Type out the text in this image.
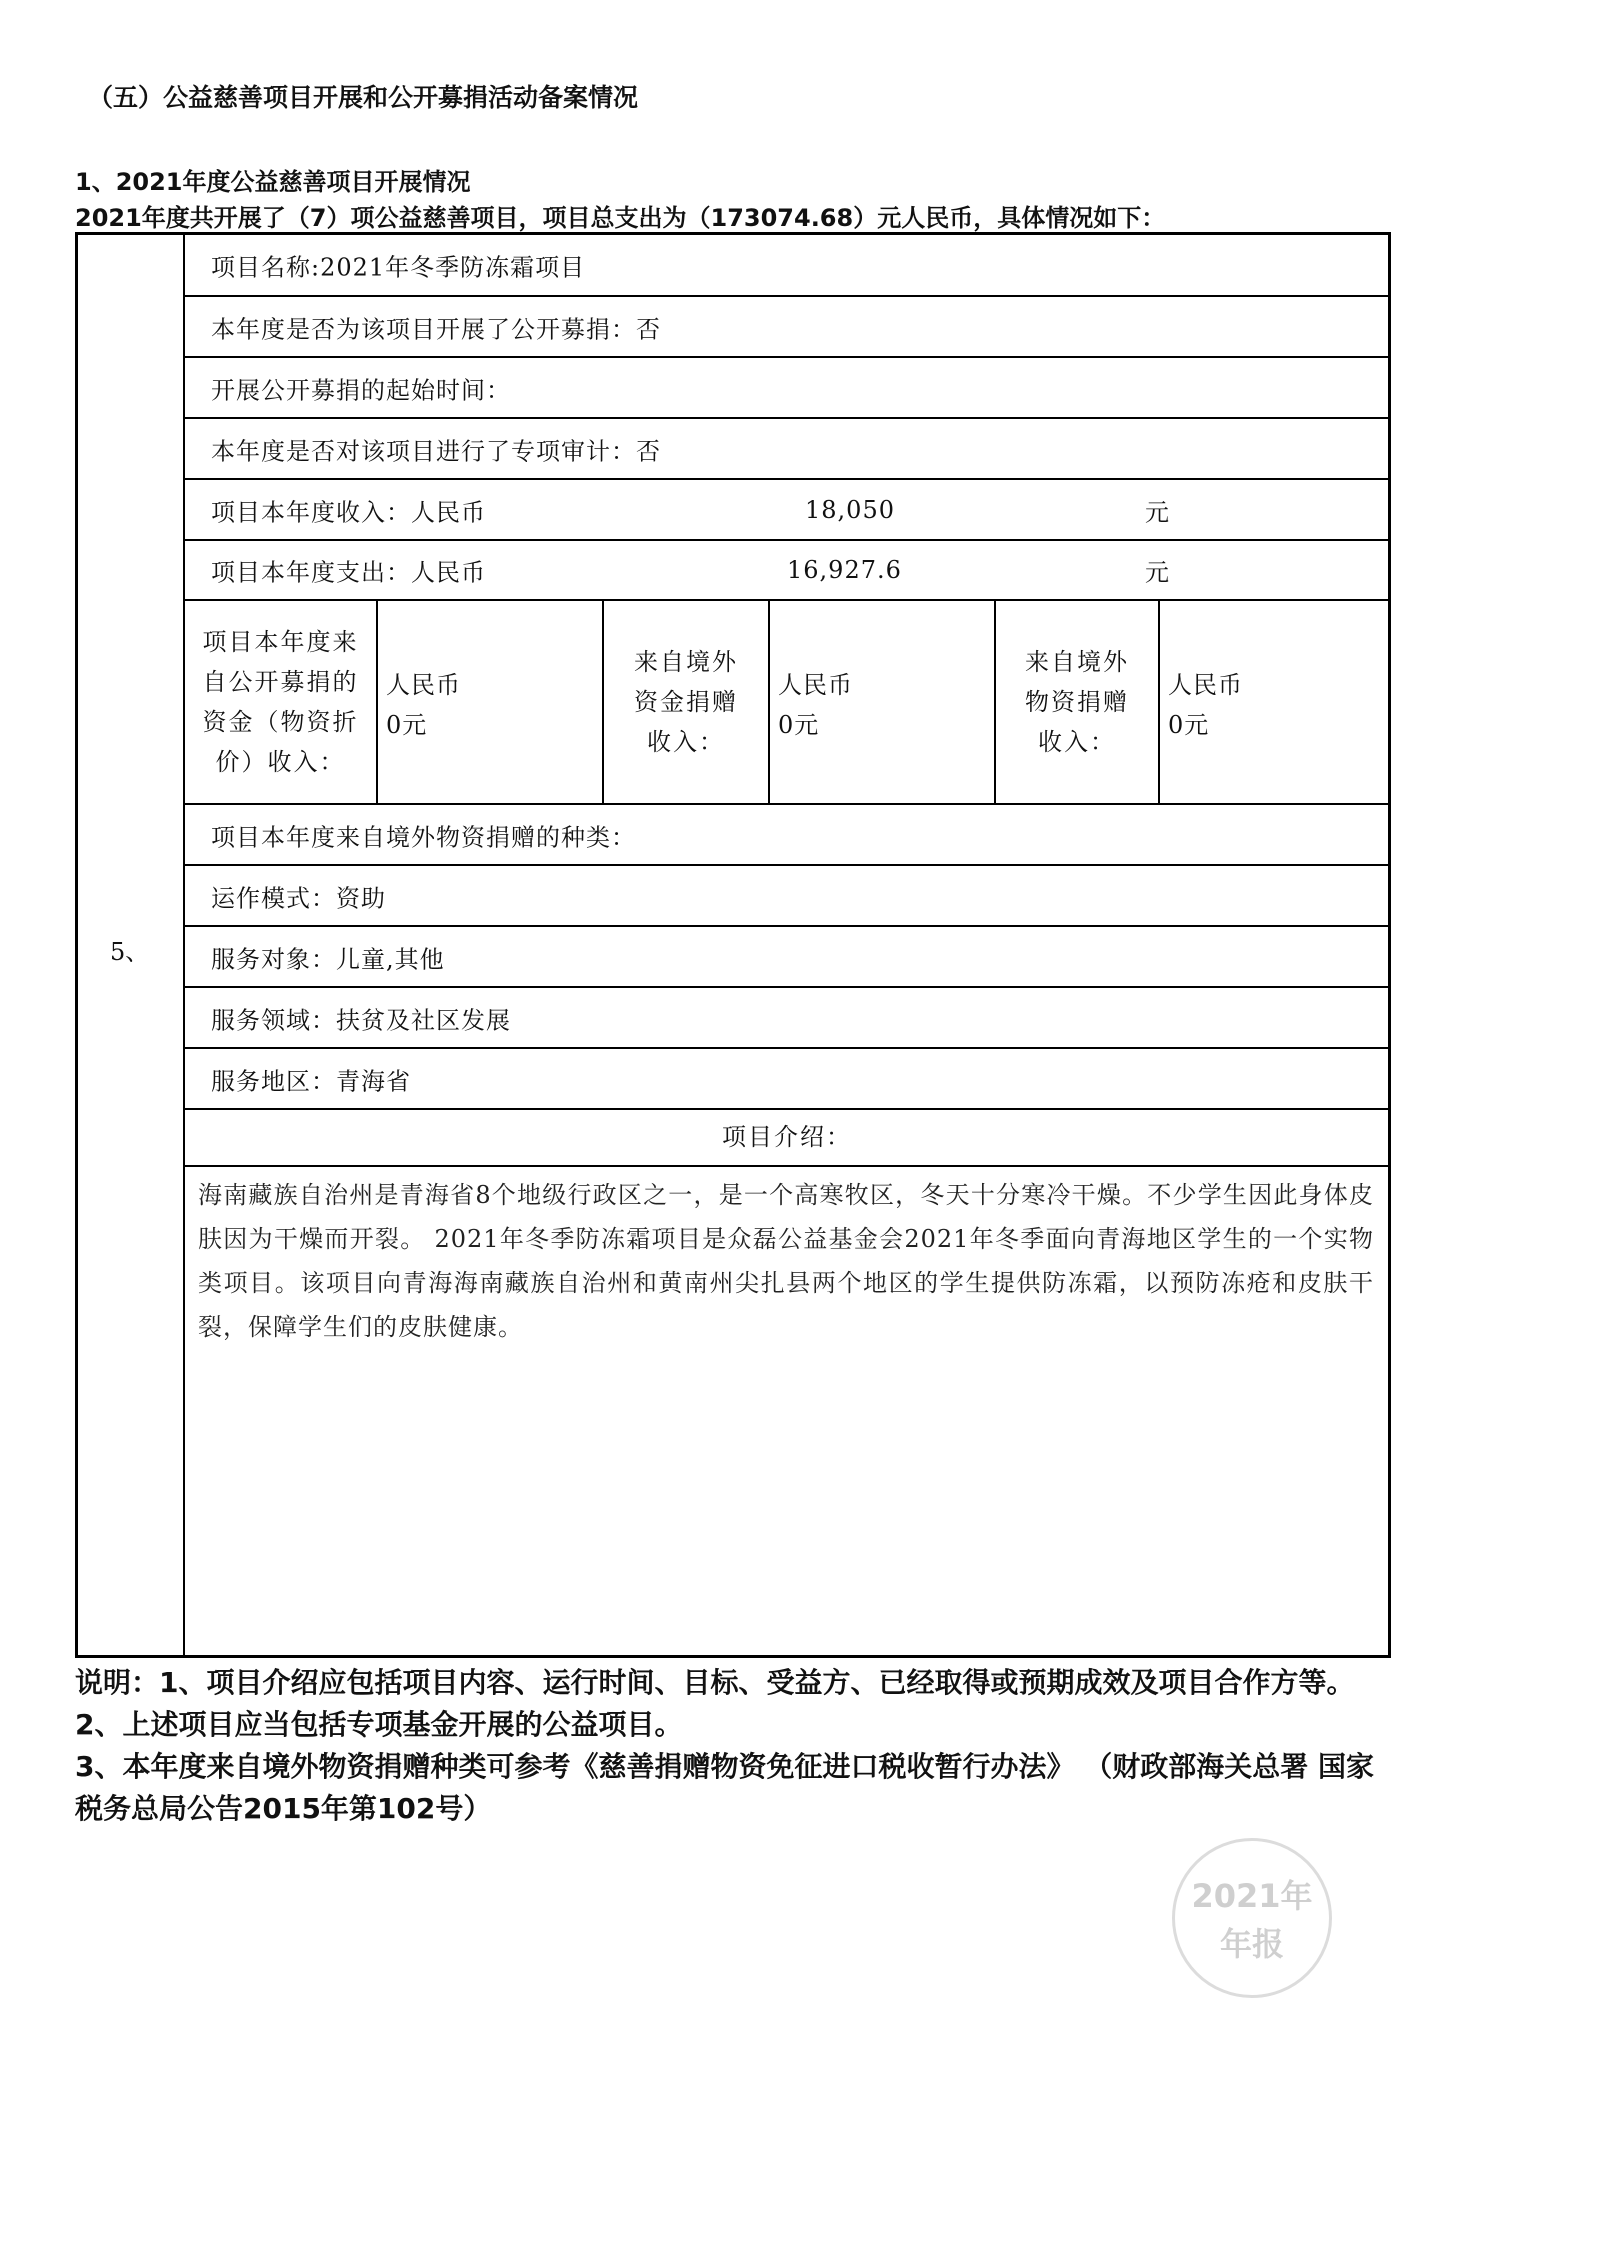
（五）公益慈善项目开展和公开募捐活动备案情况
1、2021年度公益慈善项目开展情况
2021年度共开展了（7）项公益慈善项目，项目总支出为（173074.68）元人民币，具体情况如下：
5、
项目名称:2021年冬季防冻霜项目
本年度是否为该项目开展了公开募捐：否
开展公开募捐的起始时间：
本年度是否对该项目进行了专项审计：否
项目本年度收入：人民币	18,050	元
项目本年度支出：人民币	16,927.6	元
项目本年度来自公开募捐的资金（物资折价）收入：
人民币
0元
来自境外资金捐赠收入：
人民币
0元
来自境外物资捐赠收入：
人民币
0元
项目本年度来自境外物资捐赠的种类：
运作模式：资助
服务对象：儿童,其他
服务领域：扶贫及社区发展
服务地区：青海省
项目介绍：
海南藏族自治州是青海省8个地级行政区之一，是一个高寒牧区，冬天十分寒冷干燥。不少学生因此身体皮肤因为干燥而开裂。 2021年冬季防冻霜项目是众磊公益基金会2021年冬季面向青海地区学生的一个实物类项目。该项目向青海海南藏族自治州和黄南州尖扎县两个地区的学生提供防冻霜，以预防冻疮和皮肤干裂，保障学生们的皮肤健康。

说明：1、项目介绍应包括项目内容、运行时间、目标、受益方、已经取得或预期成效及项目合作方等。

2、上述项目应当包括专项基金开展的公益项目。

3、本年度来自境外物资捐赠种类可参考《慈善捐赠物资免征进口税收暂行办法》 （财政部海关总署 国家税务总局公告2015年第102号）

2021年
年报
